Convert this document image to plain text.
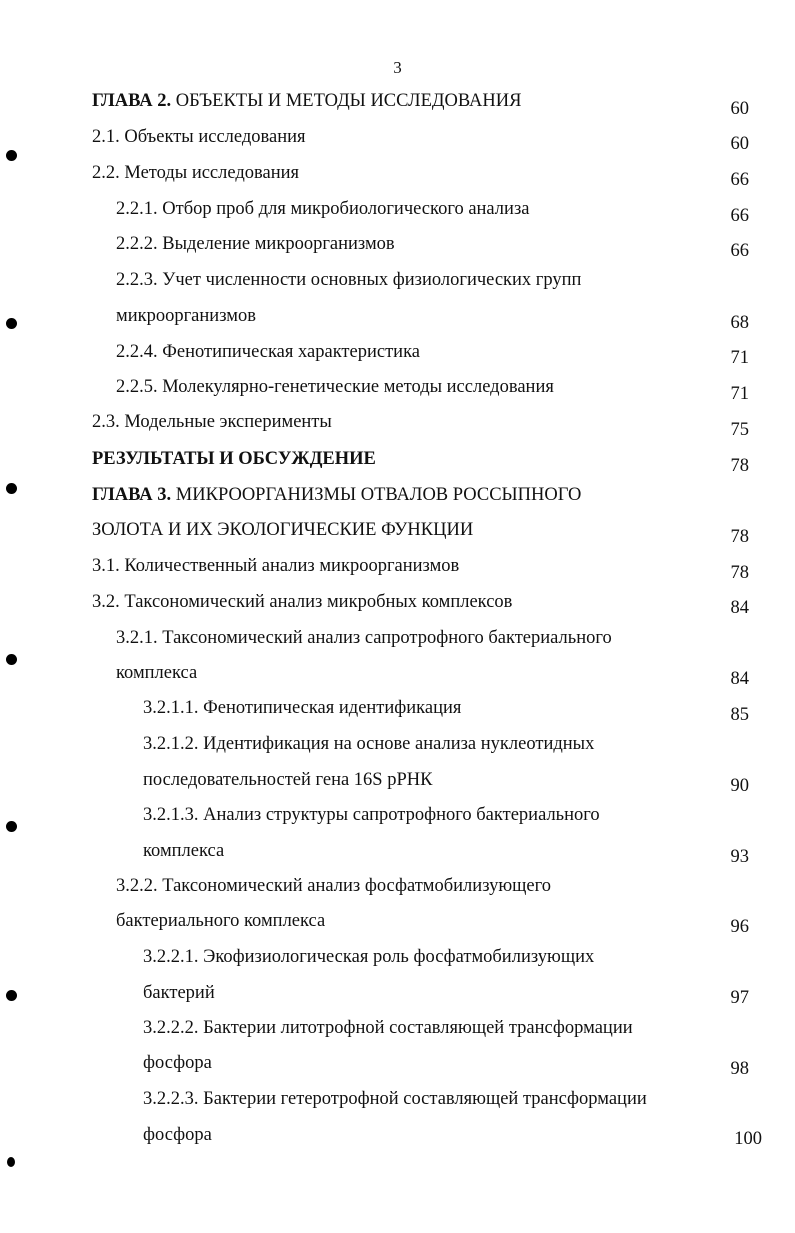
3
ГЛАВА 2. ОБЪЕКТЫ И МЕТОДЫ ИССЛЕДОВАНИЯ	60
2.1. Объекты исследования	60
2.2. Методы исследования	66
2.2.1. Отбор проб для микробиологического анализа	66
2.2.2. Выделение микроорганизмов	66
2.2.3. Учет численности основных физиологических групп
микроорганизмов	68
2.2.4. Фенотипическая характеристика	71
2.2.5. Молекулярно-генетические методы исследования	71
2.3. Модельные эксперименты	75
РЕЗУЛЬТАТЫ И ОБСУЖДЕНИЕ	78
ГЛАВА 3. МИКРООРГАНИЗМЫ ОТВАЛОВ РОССЫПНОГО
ЗОЛОТА И ИХ ЭКОЛОГИЧЕСКИЕ ФУНКЦИИ	78
3.1. Количественный анализ микроорганизмов	78
3.2. Таксономический анализ микробных комплексов	84
3.2.1. Таксономический анализ сапротрофного бактериального
комплекса	84
3.2.1.1. Фенотипическая идентификация	85
3.2.1.2. Идентификация на основе анализа нуклеотидных
последовательностей гена 16S рРНК	90
3.2.1.3. Анализ структуры сапротрофного бактериального
комплекса	93
3.2.2. Таксономический анализ фосфатмобилизующего
бактериального комплекса	96
3.2.2.1. Экофизиологическая роль фосфатмобилизующих
бактерий	97
3.2.2.2. Бактерии литотрофной составляющей трансформации
фосфора	98
3.2.2.3. Бактерии гетеротрофной составляющей трансформации
фосфора	100
